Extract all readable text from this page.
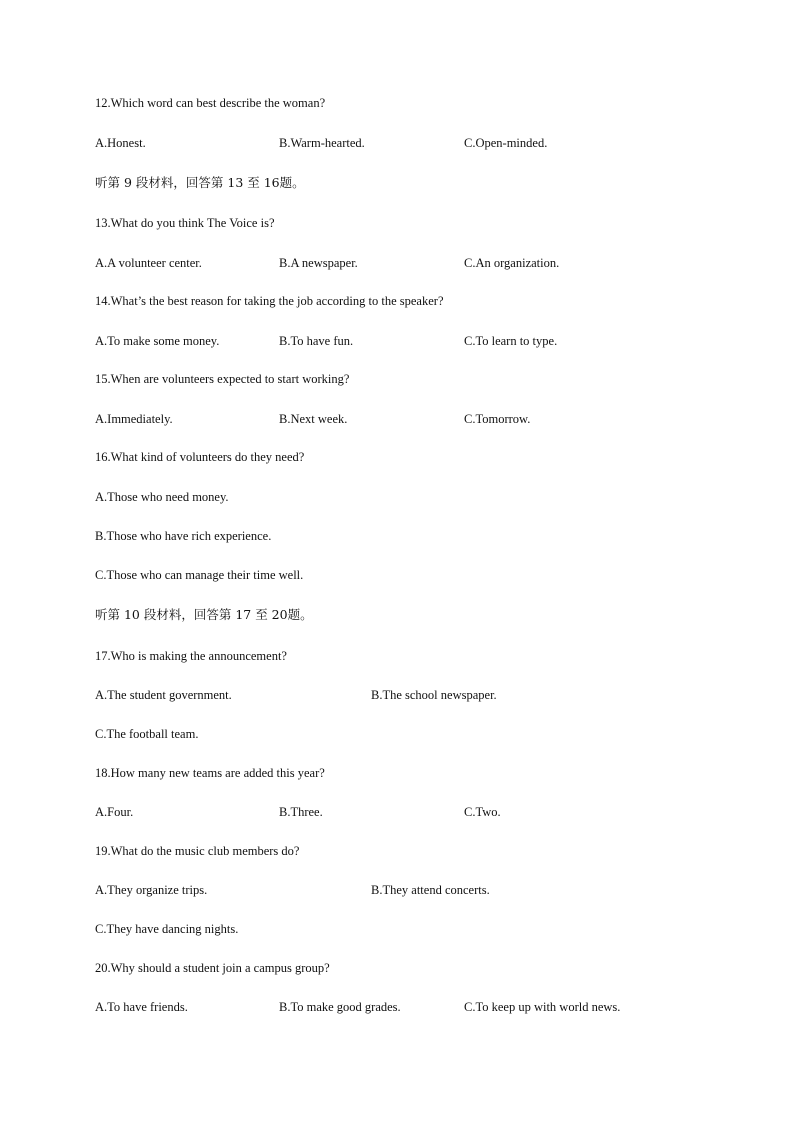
12.Which word can best describe the woman?
A.Honest.	B.Warm-hearted.	C.Open-minded.
听第 9 段材料，回答第 13 至 16题。
13.What do you think The Voice is?
A.A volunteer center.	B.A newspaper.	C.An organization.
14.What’s the best reason for taking the job according to the speaker?
A.To make some money.	B.To have fun.	C.To learn to type.
15.When are volunteers expected to start working?
A.Immediately.	B.Next week.	C.Tomorrow.
16.What kind of volunteers do they need?
A.Those who need money.
B.Those who have rich experience.
C.Those who can manage their time well.
听第 10 段材料，回答第 17 至 20题。
17.Who is making the announcement?
A.The student government.	B.The school newspaper.
C.The football team.
18.How many new teams are added this year?
A.Four.	B.Three.	C.Two.
19.What do the music club members do?
A.They organize trips.	B.They attend concerts.
C.They have dancing nights.
20.Why should a student join a campus group?
A.To have friends.	B.To make good grades.	C.To keep up with world news.
